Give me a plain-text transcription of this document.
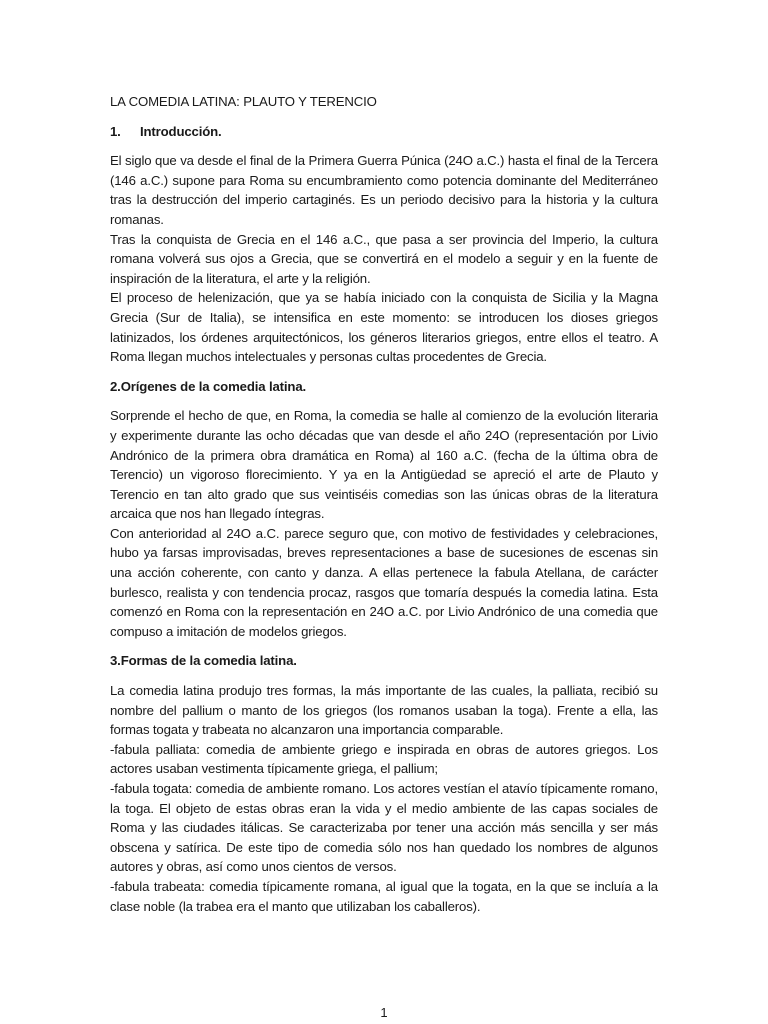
LA COMEDIA LATINA: PLAUTO Y TERENCIO

1.	Introducción.

El siglo que va desde el final de la Primera Guerra Púnica (24O a.C.) hasta el final de la Tercera (146 a.C.) supone para Roma su encumbramiento como potencia dominante del Mediterráneo tras la destrucción del imperio cartaginés. Es un periodo decisivo para la historia y la cultura romanas.

Tras la conquista de Grecia en el 146 a.C., que pasa a ser provincia del Imperio, la cultura romana volverá sus ojos a Grecia, que se convertirá en el modelo a seguir y en la fuente de inspiración de la literatura, el arte y la religión.

El proceso de helenización, que ya se había iniciado con la conquista de Sicilia y la Magna Grecia (Sur de Italia), se intensifica en este momento: se introducen los dioses griegos latinizados, los órdenes arquitectónicos, los géneros literarios griegos, entre ellos el teatro. A Roma llegan muchos intelectuales y personas cultas procedentes de Grecia.

2.Orígenes de la comedia latina.

Sorprende el hecho de que, en Roma, la comedia se halle al comienzo de la evolución literaria y experimente durante las ocho décadas que van desde el año 24O (representación por Livio Andrónico de la primera obra dramática en Roma) al 160 a.C. (fecha de la última obra de Terencio) un vigoroso florecimiento. Y ya en la Antigüedad se apreció el arte de Plauto y Terencio en tan alto grado que sus veintiséis comedias son las únicas obras de la literatura arcaica que nos han llegado íntegras.

Con anterioridad al 24O a.C. parece seguro que, con motivo de festividades y celebraciones, hubo ya farsas improvisadas, breves representaciones a base de sucesiones de escenas sin una acción coherente, con canto y danza. A ellas pertenece la fabula Atellana, de carácter burlesco, realista y con tendencia procaz, rasgos que tomaría después la comedia latina. Esta comenzó en Roma con la representación en 24O a.C. por Livio Andrónico de una comedia que compuso a imitación de modelos griegos.

3.Formas de la comedia latina.

La comedia latina produjo tres formas, la más importante de las cuales, la palliata, recibió su nombre del pallium o manto de los griegos (los romanos usaban la toga). Frente a ella, las formas togata y trabeata no alcanzaron una importancia comparable.

-fabula palliata: comedia de ambiente griego e inspirada en obras de autores griegos. Los actores usaban vestimenta típicamente griega, el pallium;

-fabula togata: comedia de ambiente romano. Los actores vestían el atavío típicamente romano, la toga. El objeto de estas obras eran la vida y el medio ambiente de las capas sociales de Roma y las ciudades itálicas. Se caracterizaba por tener una acción más sencilla y ser más obscena y satírica. De este tipo de comedia sólo nos han quedado los nombres de algunos autores y obras, así como unos cientos de versos.

-fabula trabeata: comedia típicamente romana, al igual que la togata, en la que se incluía a la clase noble (la trabea era el manto que utilizaban los caballeros).

1
